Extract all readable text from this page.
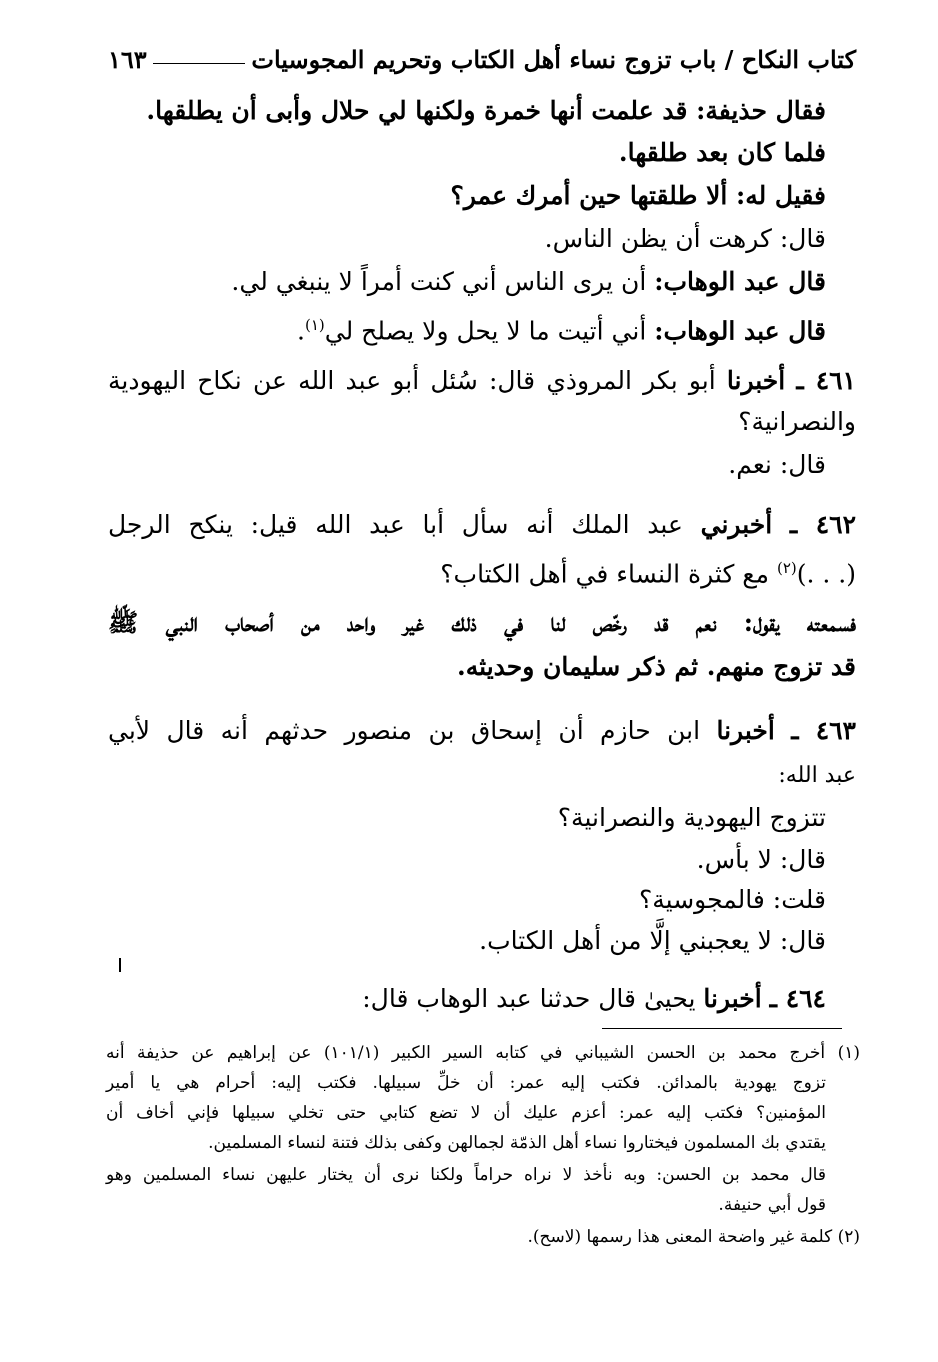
كتاب النكاح / باب تزوج نساء أهل الكتاب وتحريم المجوسيات
١٦٣
فقال حذيفة: قد علمت أنها خمرة ولكنها لي حلال وأبى أن يطلقها.
فلما كان بعد طلقها.
فقيل له: ألا طلقتها حين أمرك عمر؟
قال: كرهت أن يظن الناس.
قال عبد الوهاب: أن يرى الناس أني كنت أمراً لا ينبغي لي.
قال عبد الوهاب: أني أتيت ما لا يحل ولا يصلح لي$^{(١)}$.
٤٦١ ـ أخبرنا أبو بكر المروذي قال: سُئل أبو عبد الله عن نكاح اليهودية
والنصرانية؟
قال: نعم.
٤٦٢ ـ أخبرني عبد الملك أنه سأل أبا عبد الله قيل: ينكح الرجل
(. . .)$^{(٢)}$ مع كثرة النساء في أهل الكتاب؟
فسمعته يقول: نعم قد رخّص لنا في ذلك غير واحد من أصحاب النبي ﷺ
قد تزوج منهم. ثم ذكر سليمان وحديثه.
٤٦٣ ـ أخبرنا ابن حازم أن إسحاق بن منصور حدثهم أنه قال لأبي
عبد الله:
تتزوج اليهودية والنصرانية؟
قال: لا بأس.
قلت: فالمجوسية؟
قال: لا يعجبني إلَّا من أهل الكتاب.
٤٦٤ ـ أخبرنا يحيىٰ قال حدثنا عبد الوهاب قال:
(١) أخرج محمد بن الحسن الشيباني في كتابه السير الكبير (١٠١/١) عن إبراهيم عن حذيفة أنه
تزوج يهودية بالمدائن. فكتب إليه عمر: أن خلِّ سبيلها. فكتب إليه: أحرام هي يا أمير
المؤمنين؟ فكتب إليه عمر: أعزم عليك أن لا تضع كتابي حتى تخلي سبيلها فإني أخاف أن
يقتدي بك المسلمون فيختاروا نساء أهل الذمّة لجمالهن وكفى بذلك فتنة لنساء المسلمين.
قال محمد بن الحسن: وبه نأخذ لا نراه حراماً ولكنا نرى أن يختار عليهن نساء المسلمين وهو
قول أبي حنيفة.
(٢) كلمة غير واضحة المعنى هذا رسمها (لاسح).
